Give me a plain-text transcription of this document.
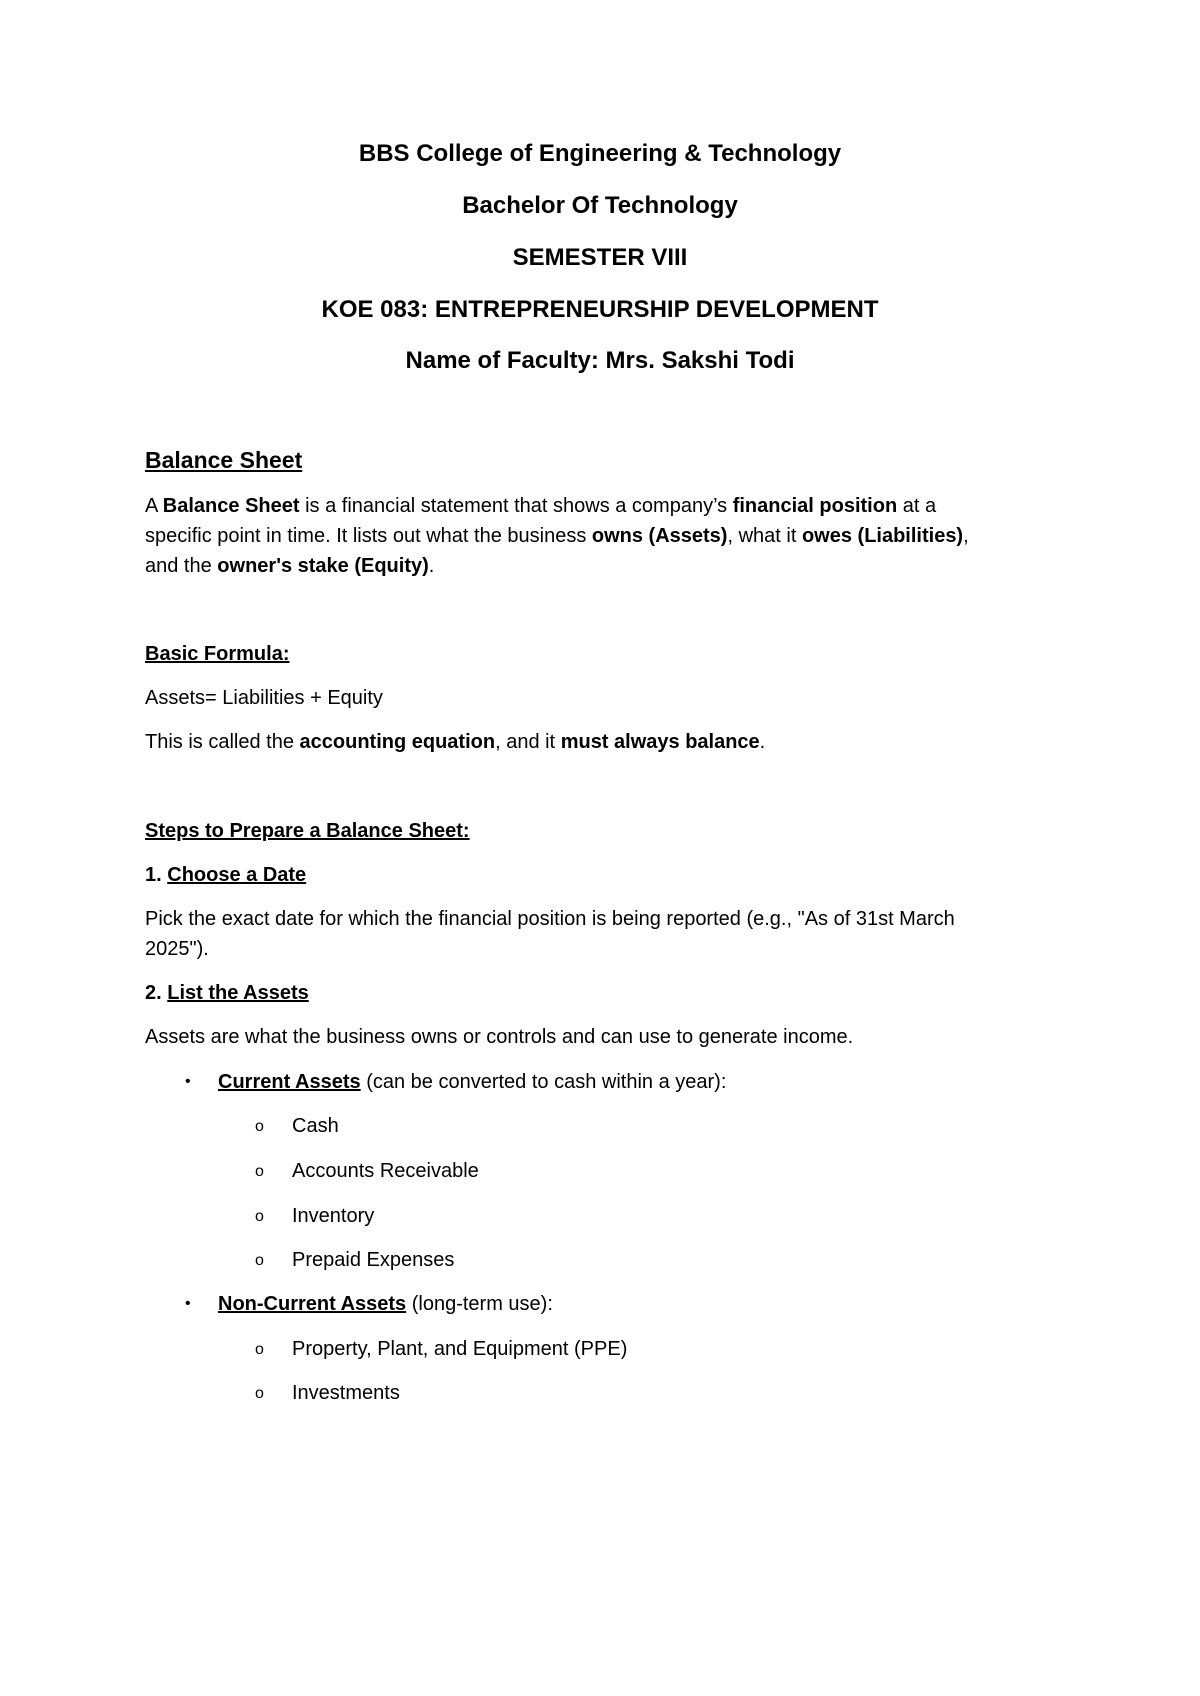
BBS College of Engineering & Technology
Bachelor Of Technology
SEMESTER VIII
KOE 083: ENTREPRENEURSHIP DEVELOPMENT
Name of Faculty: Mrs. Sakshi Todi
Balance Sheet
A Balance Sheet is a financial statement that shows a company’s financial position at a
specific point in time. It lists out what the business owns (Assets), what it owes (Liabilities),
and the owner's stake (Equity).
Basic Formula:
Assets= Liabilities + Equity
This is called the accounting equation, and it must always balance.
Steps to Prepare a Balance Sheet:
1. Choose a Date
Pick the exact date for which the financial position is being reported (e.g., "As of 31st March
2025").
2. List the Assets
Assets are what the business owns or controls and can use to generate income.
• Current Assets (can be converted to cash within a year):
o Cash
o Accounts Receivable
o Inventory
o Prepaid Expenses
• Non-Current Assets (long-term use):
o Property, Plant, and Equipment (PPE)
o Investments
